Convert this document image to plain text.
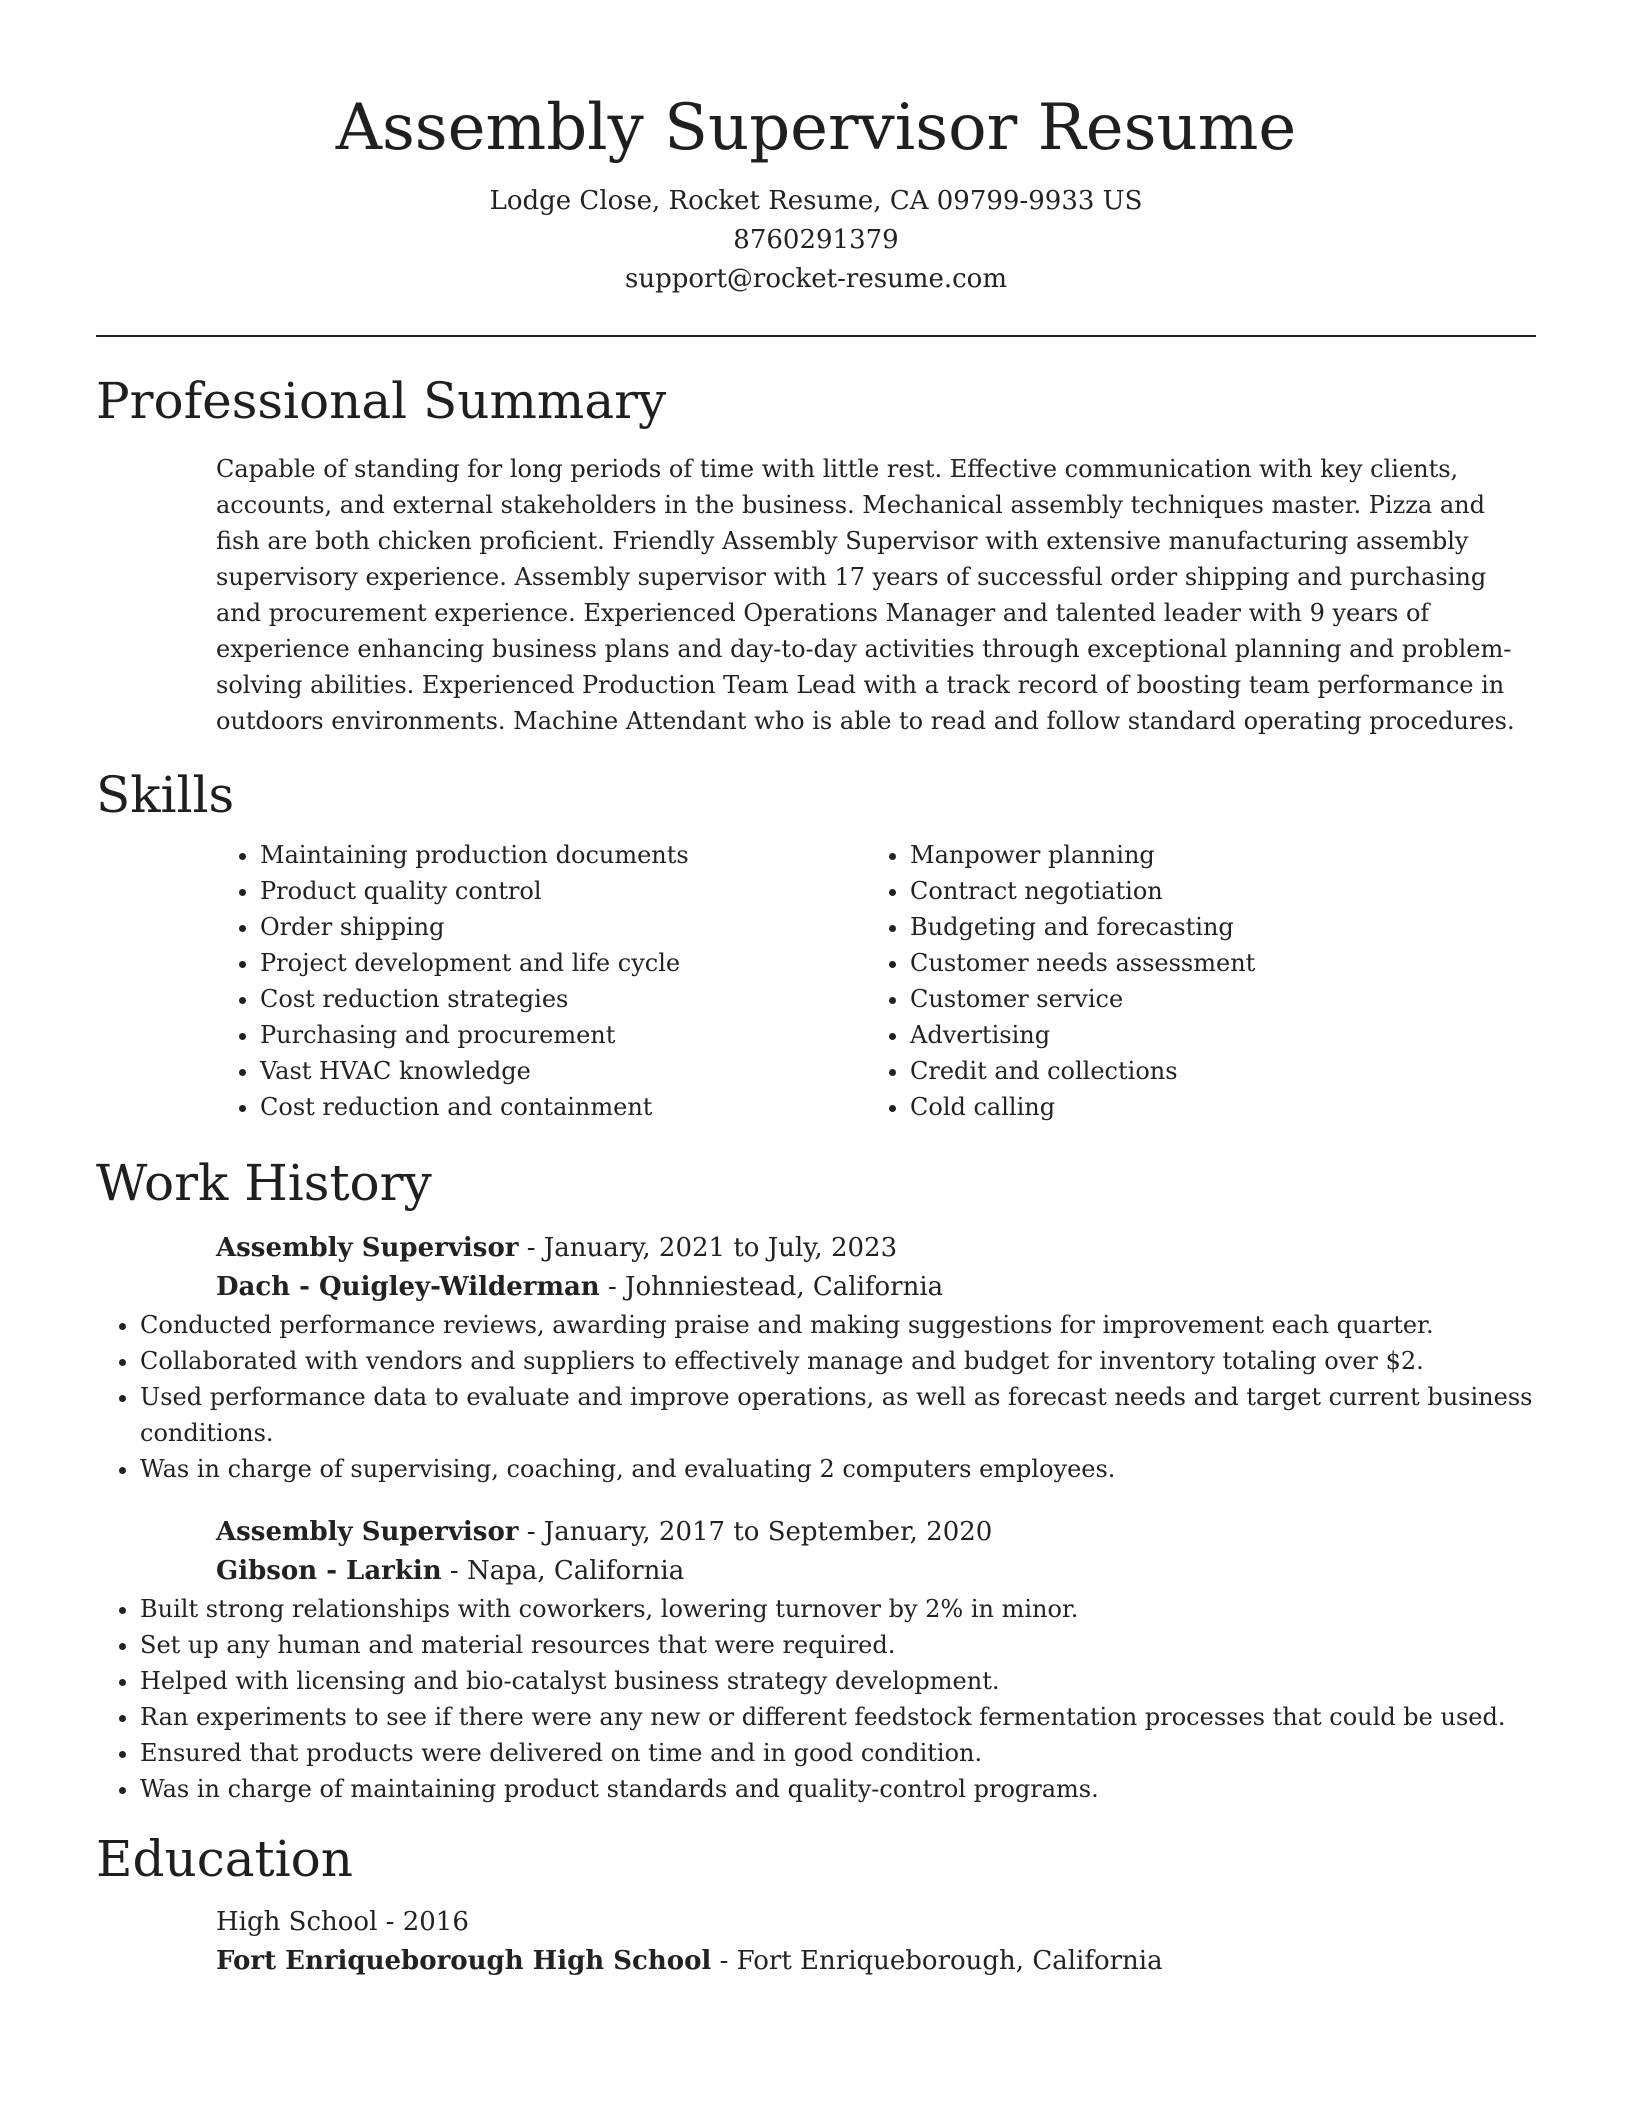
Assembly Supervisor Resume
Lodge Close, Rocket Resume, CA 09799-9933 US
8760291379
support@rocket-resume.com
Professional Summary
Capable of standing for long periods of time with little rest. Effective communication with key clients, accounts, and external stakeholders in the business. Mechanical assembly techniques master. Pizza and fish are both chicken proficient. Friendly Assembly Supervisor with extensive manufacturing assembly supervisory experience. Assembly supervisor with 17 years of successful order shipping and purchasing and procurement experience. Experienced Operations Manager and talented leader with 9 years of experience enhancing business plans and day-to-day activities through exceptional planning and problem-solving abilities. Experienced Production Team Lead with a track record of boosting team performance in outdoors environments. Machine Attendant who is able to read and follow standard operating procedures.
Skills
• Maintaining production documents
• Product quality control
• Order shipping
• Project development and life cycle
• Cost reduction strategies
• Purchasing and procurement
• Vast HVAC knowledge
• Cost reduction and containment
• Manpower planning
• Contract negotiation
• Budgeting and forecasting
• Customer needs assessment
• Customer service
• Advertising
• Credit and collections
• Cold calling
Work History
Assembly Supervisor - January, 2021 to July, 2023
Dach - Quigley-Wilderman - Johnniestead, California
• Conducted performance reviews, awarding praise and making suggestions for improvement each quarter.
• Collaborated with vendors and suppliers to effectively manage and budget for inventory totaling over $2.
• Used performance data to evaluate and improve operations, as well as forecast needs and target current business conditions.
• Was in charge of supervising, coaching, and evaluating 2 computers employees.
Assembly Supervisor - January, 2017 to September, 2020
Gibson - Larkin - Napa, California
• Built strong relationships with coworkers, lowering turnover by 2% in minor.
• Set up any human and material resources that were required.
• Helped with licensing and bio-catalyst business strategy development.
• Ran experiments to see if there were any new or different feedstock fermentation processes that could be used.
• Ensured that products were delivered on time and in good condition.
• Was in charge of maintaining product standards and quality-control programs.
Education
High School - 2016
Fort Enriqueborough High School - Fort Enriqueborough, California
